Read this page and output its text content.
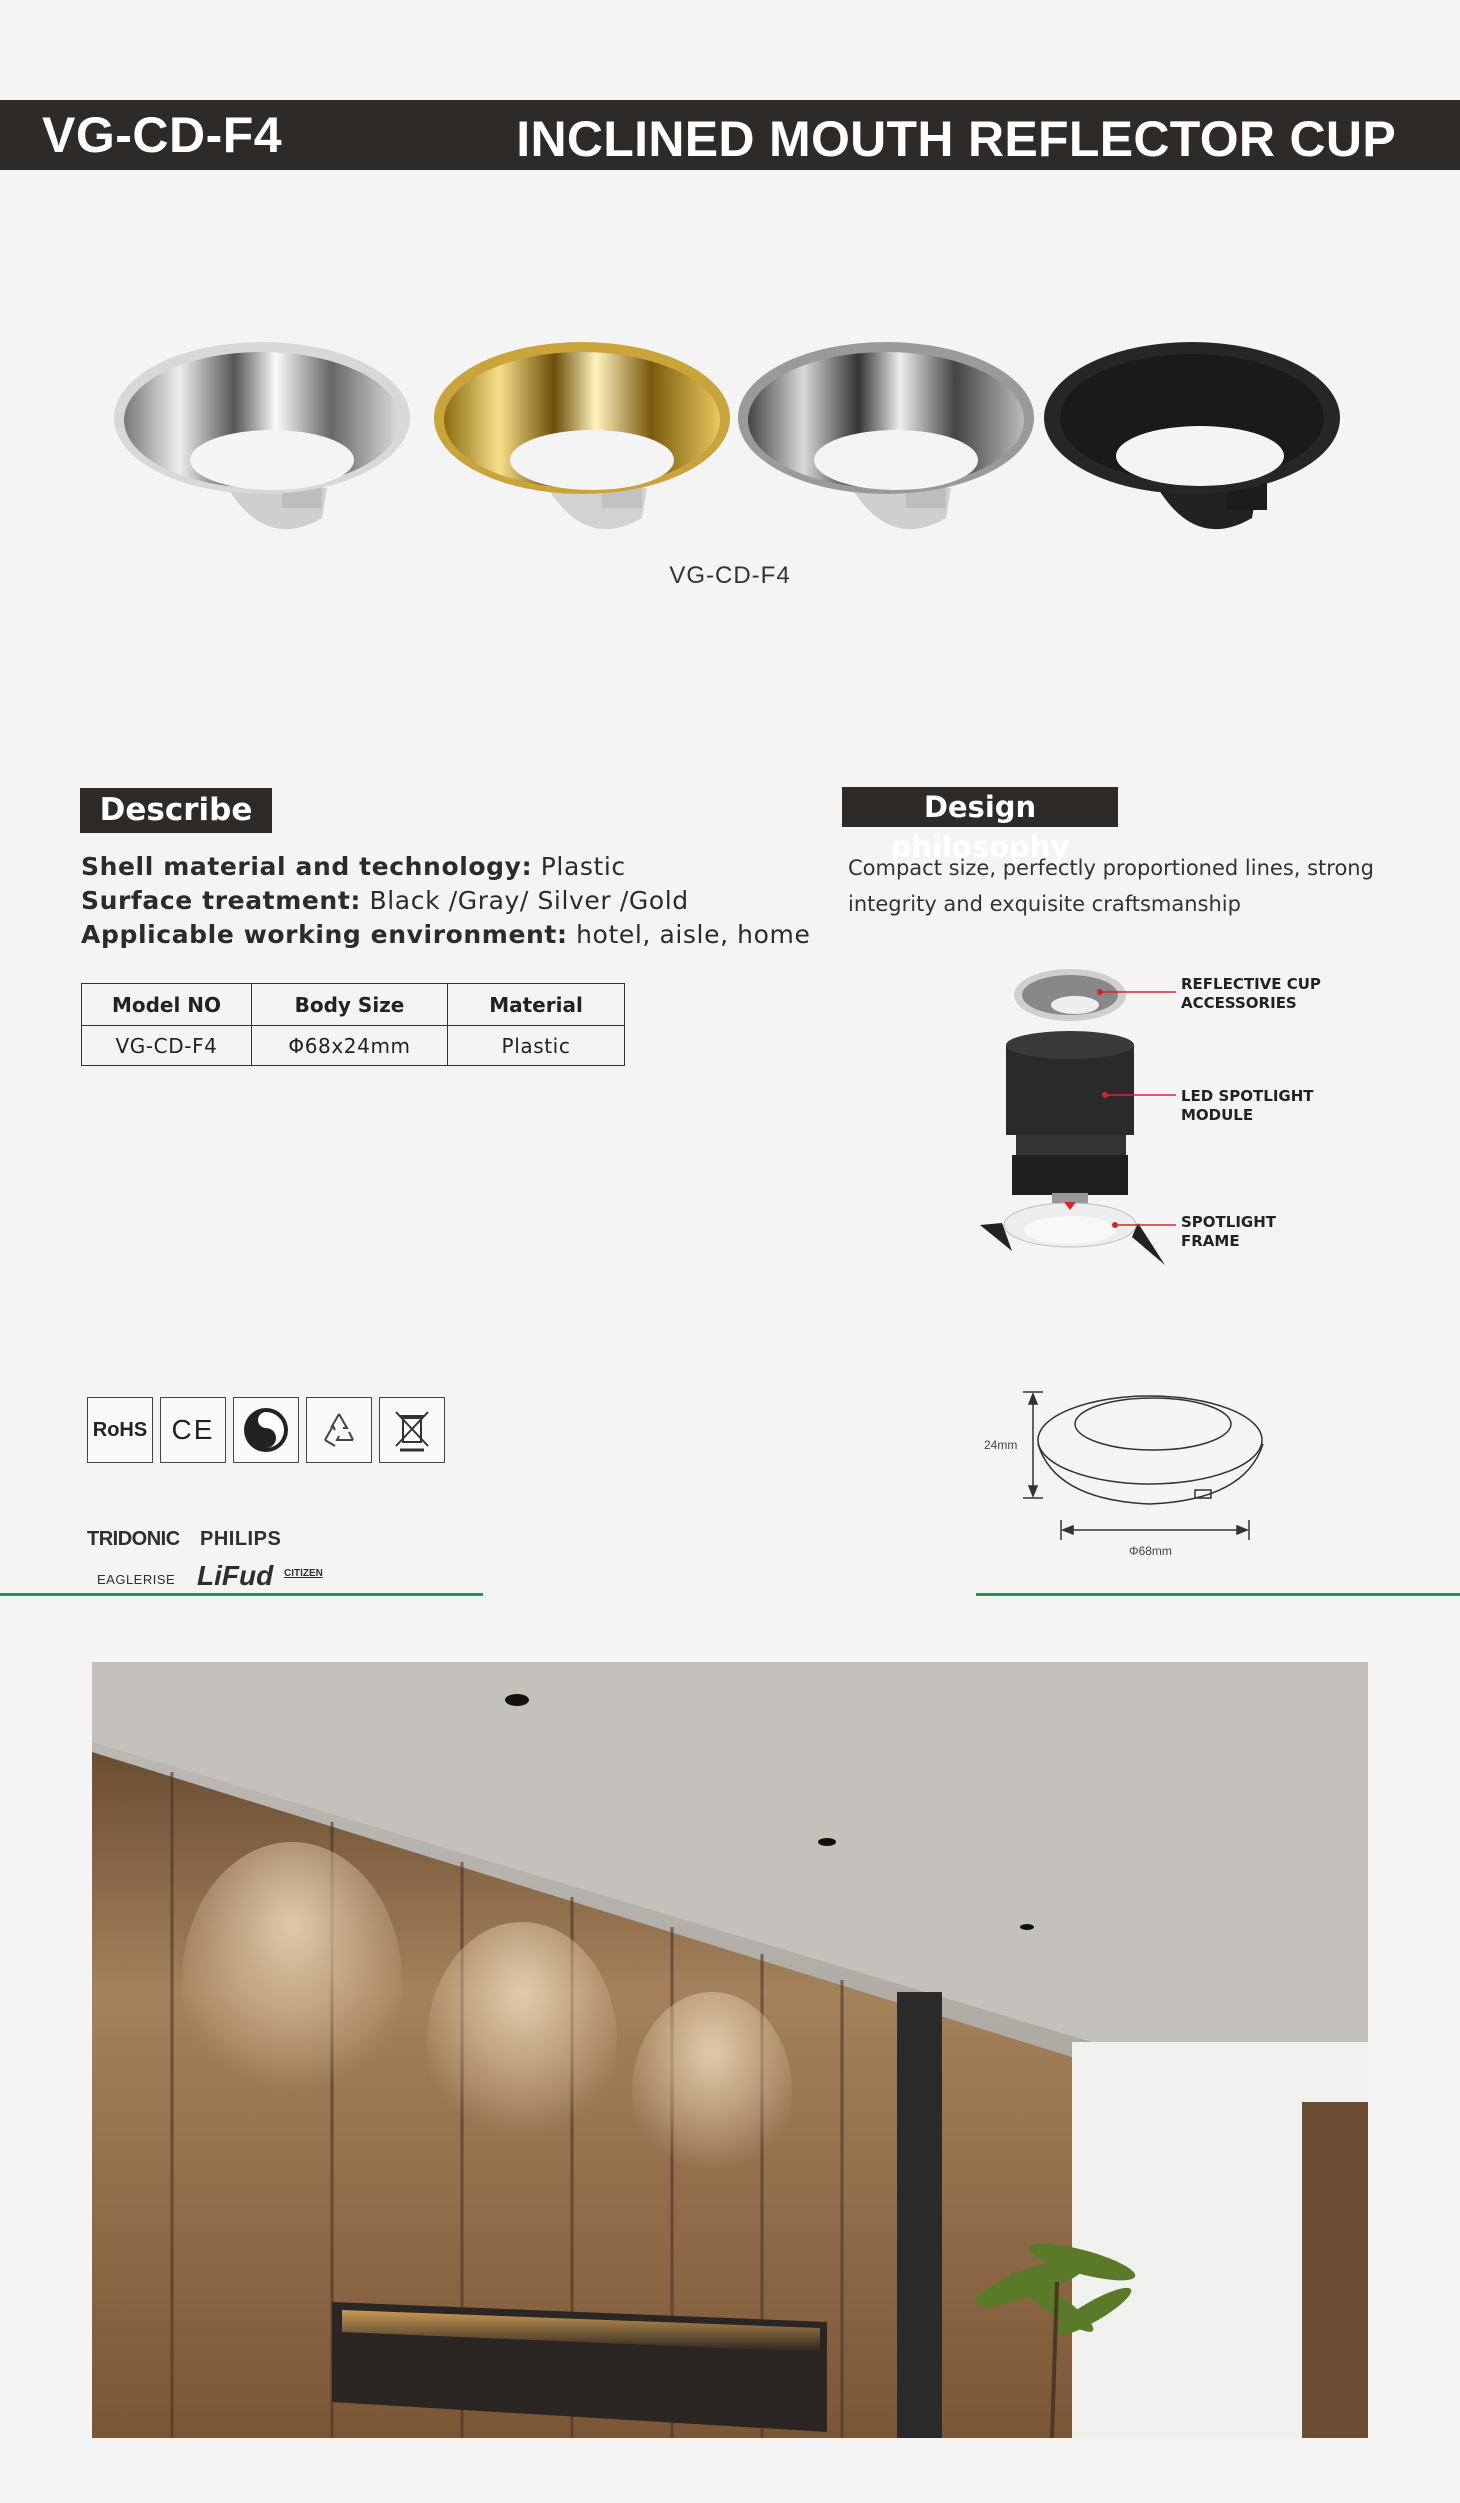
VG-CD-F4	INCLINED MOUTH REFLECTOR CUP
VG-CD-F4
Describe
Shell material and technology: Plastic
Surface treatment: Black /Gray/ Silver /Gold
Applicable working environment: hotel, aisle, home
Model NO	Body Size	Material
VG-CD-F4	Φ68x24mm	Plastic
Design philosophy
Compact size, perfectly proportioned lines, strong
integrity and exquisite craftsmanship
REFLECTIVE CUP
ACCESSORIES
LED SPOTLIGHT
MODULE
SPOTLIGHT
FRAME
RoHS CE
TRIDONIC PHILIPS
EAGLERISE LiFud CITIZEN
24mm
Φ68mm
